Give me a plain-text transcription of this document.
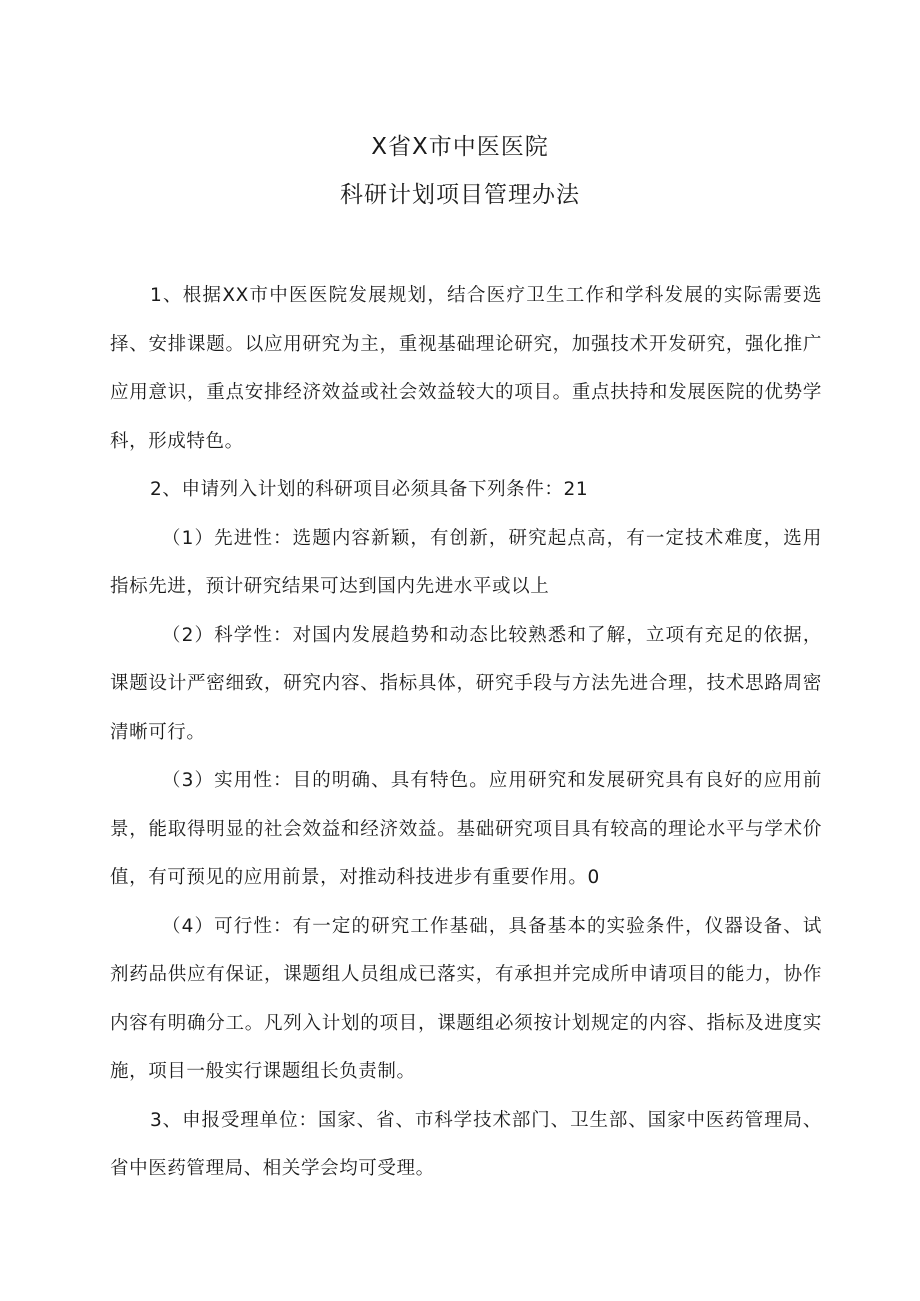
X省X市中医医院
科研计划项目管理办法

1、根据XX市中医医院发展规划，结合医疗卫生工作和学科发展的实际需要选择、安排课题。以应用研究为主，重视基础理论研究，加强技术开发研究，强化推广应用意识，重点安排经济效益或社会效益较大的项目。重点扶持和发展医院的优势学科，形成特色。

2、申请列入计划的科研项目必须具备下列条件：21

（1）先进性：选题内容新颖，有创新，研究起点高，有一定技术难度，选用指标先进，预计研究结果可达到国内先进水平或以上

（2）科学性：对国内发展趋势和动态比较熟悉和了解，立项有充足的依据，课题设计严密细致，研究内容、指标具体，研究手段与方法先进合理，技术思路周密清晰可行。

（3）实用性：目的明确、具有特色。应用研究和发展研究具有良好的应用前景，能取得明显的社会效益和经济效益。基础研究项目具有较高的理论水平与学术价值，有可预见的应用前景，对推动科技进步有重要作用。0

（4）可行性：有一定的研究工作基础，具备基本的实验条件，仪器设备、试剂药品供应有保证，课题组人员组成已落实，有承担并完成所申请项目的能力，协作内容有明确分工。凡列入计划的项目，课题组必须按计划规定的内容、指标及进度实施，项目一般实行课题组长负责制。

3、申报受理单位：国家、省、市科学技术部门、卫生部、国家中医药管理局、省中医药管理局、相关学会均可受理。
